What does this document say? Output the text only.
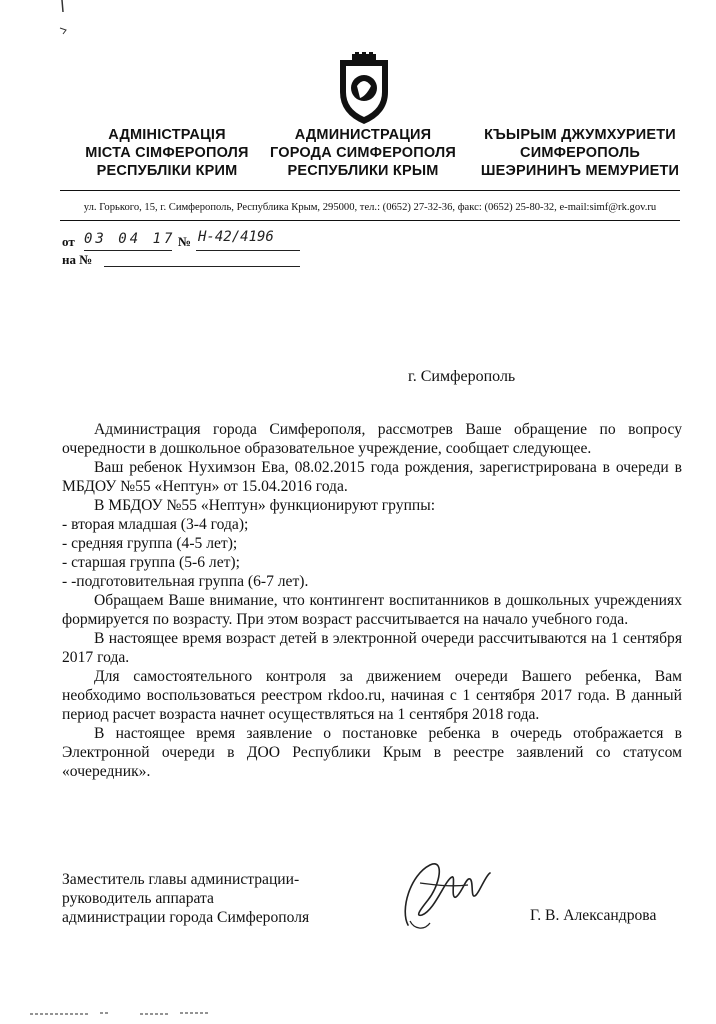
АДМІНІСТРАЦІЯ
МІСТА СІМФЕРОПОЛЯ
РЕСПУБЛІКИ КРИМ
АДМИНИСТРАЦИЯ
ГОРОДА СИМФЕРОПОЛЯ
РЕСПУБЛИКИ КРЫМ
КЪЫРЫМ ДЖУМХУРИЕТИ
СИМФЕРОПОЛЬ
ШЕЭРИНИНЪ МЕМУРИЕТИ
ул. Горького, 15, г. Симферополь, Республика Крым, 295000, тел.: (0652) 27-32-36, факс: (0652) 25-80-32, e-mail:simf@rk.gov.ru
от 03 04 17 № Н-42/4196
на №
г. Симферополь

Администрация города Симферополя, рассмотрев Ваше обращение по вопросу очередности в дошкольное образовательное учреждение, сообщает следующее.

Ваш ребенок Нухимзон Ева, 08.02.2015 года рождения, зарегистрирована в очереди в МБДОУ №55 «Нептун» от 15.04.2016 года.

В МБДОУ №55 «Нептун» функционируют группы:

- вторая младшая (3-4 года);

- средняя группа (4-5 лет);

- старшая группа (5-6 лет);

- -подготовительная группа (6-7 лет).

Обращаем Ваше внимание, что контингент воспитанников в дошкольных учреждениях формируется по возрасту. При этом возраст рассчитывается на начало учебного года.

В настоящее время возраст детей в электронной очереди рассчитываются на 1 сентября 2017 года.

Для самостоятельного контроля за движением очереди Вашего ребенка, Вам необходимо воспользоваться реестром rkdoo.ru, начиная с 1 сентября 2017 года. В данный период расчет возраста начнет осуществляться на 1 сентября 2018 года.

В настоящее время заявление о постановке ребенка в очередь отображается в Электронной очереди в ДОО Республики Крым в реестре заявлений со статусом «очередник».

Заместитель главы администрации-
руководитель аппарата
администрации города Симферополя	Г. В. Александрова
